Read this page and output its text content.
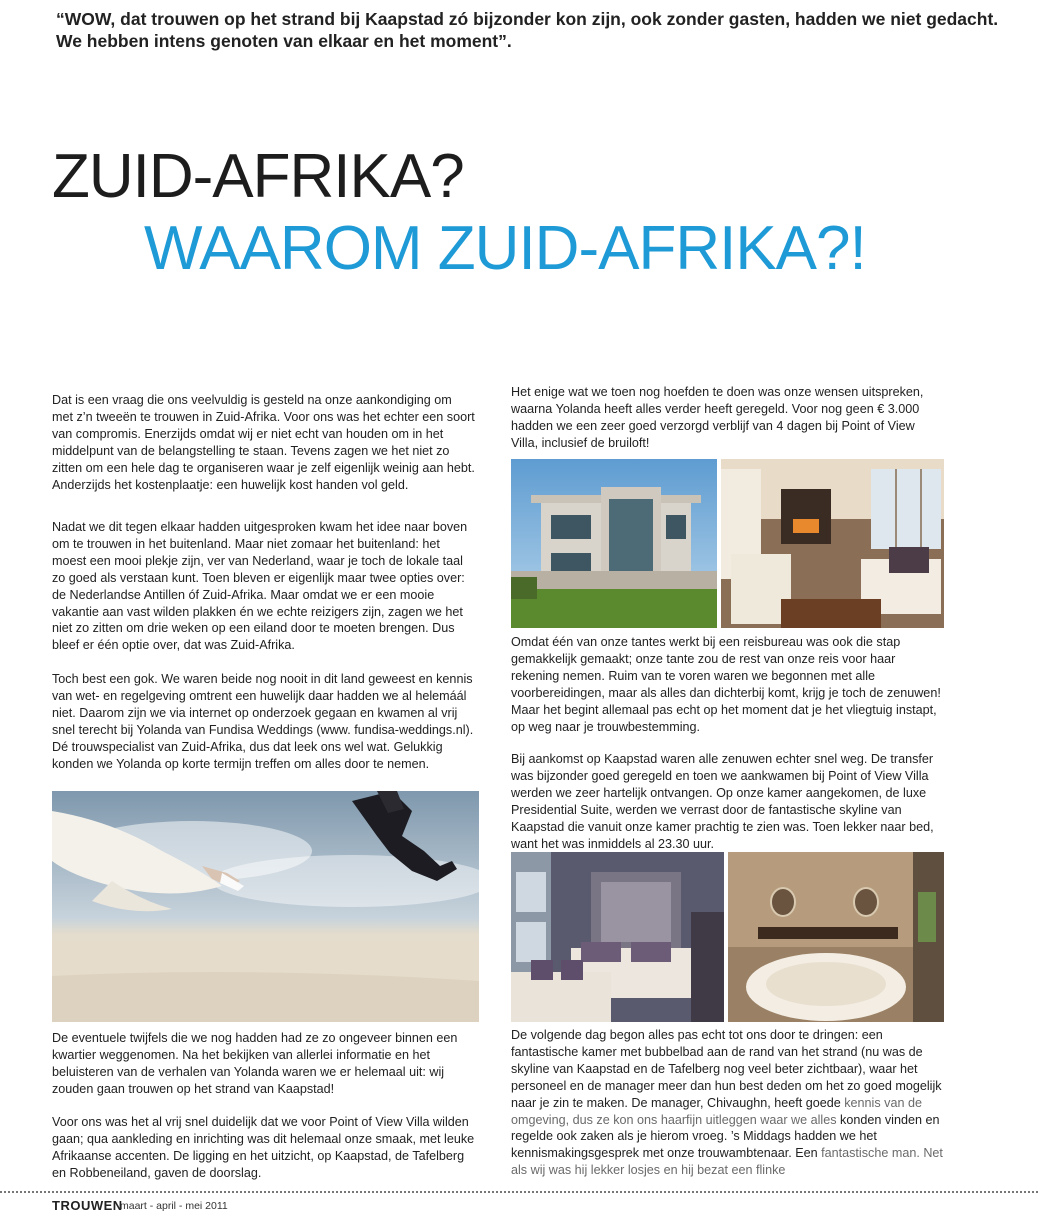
“WOW, dat trouwen op het strand bij Kaapstad zó bijzonder kon zijn, ook zonder gasten, hadden we niet gedacht. We hebben intens genoten van elkaar en het moment”.

ZUID-AFRIKA?
WAAROM ZUID-AFRIKA?!

Dat is een vraag die ons veelvuldig is gesteld na onze aankondiging om met z’n tweeën te trouwen in Zuid-Afrika. Voor ons was het echter een soort van compromis. Enerzijds omdat wij er niet echt van houden om in het middelpunt van de belangstelling te staan. Tevens zagen we het niet zo zitten om een hele dag te organiseren waar je zelf eigenlijk weinig aan hebt. Anderzijds het kostenplaatje: een huwelijk kost handen vol geld.

Nadat we dit tegen elkaar hadden uitgesproken kwam het idee naar boven om te trouwen in het buitenland. Maar niet zomaar het buitenland: het moest een mooi plekje zijn, ver van Nederland, waar je toch de lokale taal zo goed als verstaan kunt. Toen bleven er eigenlijk maar twee opties over: de Nederlandse Antillen óf Zuid-Afrika. Maar omdat we er een mooie vakantie aan vast wilden plakken én we echte reizigers zijn, zagen we het niet zo zitten om drie weken op een eiland door te moeten brengen. Dus bleef er één optie over, dat was Zuid-Afrika.

Toch best een gok. We waren beide nog nooit in dit land geweest en kennis van wet- en regelgeving omtrent een huwelijk daar hadden we al helemáál niet. Daarom zijn we via internet op onderzoek gegaan en kwamen al vrij snel terecht bij Yolanda van Fundisa Weddings (www. fundisa-weddings.nl). Dé trouwspecialist van Zuid-Afrika, dus dat leek ons wel wat. Gelukkig konden we Yolanda op korte termijn treffen om alles door te nemen.

De eventuele twijfels die we nog hadden had ze zo ongeveer binnen een kwartier weggenomen. Na het bekijken van allerlei informatie en het beluisteren van de verhalen van Yolanda waren we er helemaal uit: wij zouden gaan trouwen op het strand van Kaapstad!

Voor ons was het al vrij snel duidelijk dat we voor Point of View Villa wilden gaan; qua aankleding en inrichting was dit helemaal onze smaak, met leuke Afrikaanse accenten. De ligging en het uitzicht, op Kaapstad, de Tafelberg en Robbeneiland, gaven de doorslag.

Het enige wat we toen nog hoefden te doen was onze wensen uitspreken, waarna Yolanda heeft alles verder heeft geregeld. Voor nog geen € 3.000 hadden we een zeer goed verzorgd verblijf van 4 dagen bij Point of View Villa, inclusief de bruiloft!

Omdat één van onze tantes werkt bij een reisbureau was ook die stap gemakkelijk gemaakt; onze tante zou de rest van onze reis voor haar rekening nemen. Ruim van te voren waren we begonnen met alle voorbereidingen, maar als alles dan dichterbij komt, krijg je toch de zenuwen! Maar het begint allemaal pas echt op het moment dat je het vliegtuig instapt, op weg naar je trouwbestemming.

Bij aankomst op Kaapstad waren alle zenuwen echter snel weg. De transfer was bijzonder goed geregeld en toen we aankwamen bij Point of View Villa werden we zeer hartelijk ontvangen. Op onze kamer aangekomen, de luxe Presidential Suite, werden we verrast door de fantastische skyline van Kaapstad die vanuit onze kamer prachtig te zien was. Toen lekker naar bed, want het was inmiddels al 23.30 uur.

De volgende dag begon alles pas echt tot ons door te dringen: een fantastische kamer met bubbelbad aan de rand van het strand (nu was de skyline van Kaapstad en de Tafelberg nog veel beter zichtbaar), waar het personeel en de manager meer dan hun best deden om het zo goed mogelijk naar je zin te maken. De manager, Chivaughn, heeft goede kennis van de omgeving, dus ze kon ons haarfijn uitleggen waar we alles konden vinden en regelde ook zaken als je hierom vroeg. ’s Middags hadden we het kennismakingsgesprek met onze trouwambtenaar. Een fantastische man. Net als wij was hij lekker losjes en hij bezat een flinke

TROUWEN
maart - april - mei 2011
